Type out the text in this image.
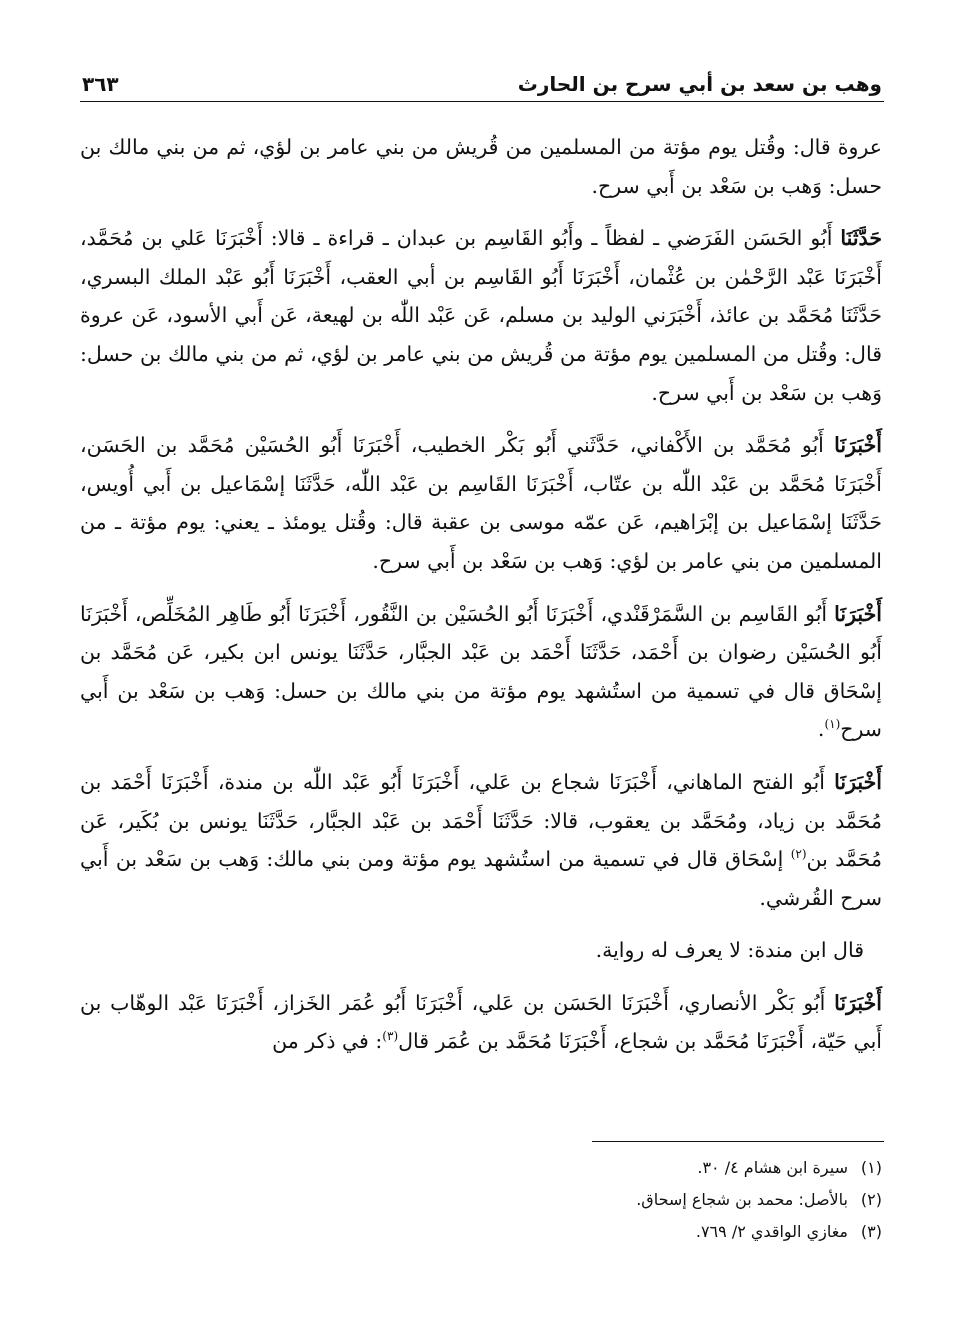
وهب بن سعد بن أبي سرح بن الحارث
٣٦٣

عروة قال: وقُتل يوم مؤتة من المسلمين من قُريش من بني عامر بن لؤي، ثم من بني مالك بن حسل: وَهب بن سَعْد بن أَبي سرح.

حَدَّثَنَا أَبُو الحَسَن الفَرَضي ـ لفظاً ـ وأَبُو القَاسِم بن عبدان ـ قراءة ـ قالا: أَخْبَرَنَا عَلي بن مُحَمَّد، أَخْبَرَنَا عَبْد الرَّحْمٰن بن عُثْمان، أَخْبَرَنَا أَبُو القَاسِم بن أبي العقب، أَخْبَرَنَا أَبُو عَبْد الملك البسري، حَدَّثَنَا مُحَمَّد بن عائذ، أَخْبَرَني الوليد بن مسلم، عَن عَبْد اللّٰه بن لهيعة، عَن أَبي الأسود، عَن عروة قال: وقُتل من المسلمين يوم مؤتة من قُريش من بني عامر بن لؤي، ثم من بني مالك بن حسل: وَهب بن سَعْد بن أَبي سرح.

أَخْبَرَنَا أَبُو مُحَمَّد بن الأَكْفاني، حَدَّثَني أَبُو بَكْر الخطيب، أَخْبَرَنَا أَبُو الحُسَيْن مُحَمَّد بن الحَسَن، أَخْبَرَنَا مُحَمَّد بن عَبْد اللّٰه بن عتّاب، أَخْبَرَنَا القَاسِم بن عَبْد اللّٰه، حَدَّثَنَا إسْمَاعيل بن أَبي أُويس، حَدَّثَنَا إسْمَاعيل بن إبْرَاهيم، عَن عمّه موسى بن عقبة قال: وقُتل يومئذ ـ يعني: يوم مؤتة ـ من المسلمين من بني عامر بن لؤي: وَهب بن سَعْد بن أَبي سرح.

أَخْبَرَنَا أَبُو القَاسِم بن السَّمَرْقَنْدي، أَخْبَرَنَا أَبُو الحُسَيْن بن النَّقُور، أَخْبَرَنَا أَبُو طَاهِر المُخَلِّص، أَخْبَرَنَا أَبُو الحُسَيْن رضوان بن أَحْمَد، حَدَّثَنَا أَحْمَد بن عَبْد الجبَّار، حَدَّثَنَا يونس ابن بكير، عَن مُحَمَّد بن إسْحَاق قال في تسمية من استُشهد يوم مؤتة من بني مالك بن حسل: وَهب بن سَعْد بن أَبي سرح$^{(١)}$.

أَخْبَرَنَا أَبُو الفتح الماهاني، أَخْبَرَنَا شجاع بن عَلي، أَخْبَرَنَا أَبُو عَبْد اللّٰه بن مندة، أَخْبَرَنَا أَحْمَد بن مُحَمَّد بن زياد، ومُحَمَّد بن يعقوب، قالا: حَدَّثَنَا أَحْمَد بن عَبْد الجبَّار، حَدَّثَنَا يونس بن بُكَير، عَن مُحَمَّد بن$^{(٢)}$ إسْحَاق قال في تسمية من استُشهد يوم مؤتة ومن بني مالك: وَهب بن سَعْد بن أَبي سرح القُرشي.

قال ابن مندة: لا يعرف له رواية.

أَخْبَرَنَا أَبُو بَكْر الأنصاري، أَخْبَرَنَا الحَسَن بن عَلي، أَخْبَرَنَا أَبُو عُمَر الخَزاز، أَخْبَرَنَا عَبْد الوهّاب بن أَبي حَيّة، أَخْبَرَنَا مُحَمَّد بن شجاع، أَخْبَرَنَا مُحَمَّد بن عُمَر قال$^{(٣)}$: في ذكر من

(١)سيرة ابن هشام ٤/ ٣٠.
(٢)بالأصل: محمد بن شجاع إسحاق.
(٣)مغازي الواقدي ٢/ ٧٦٩.
